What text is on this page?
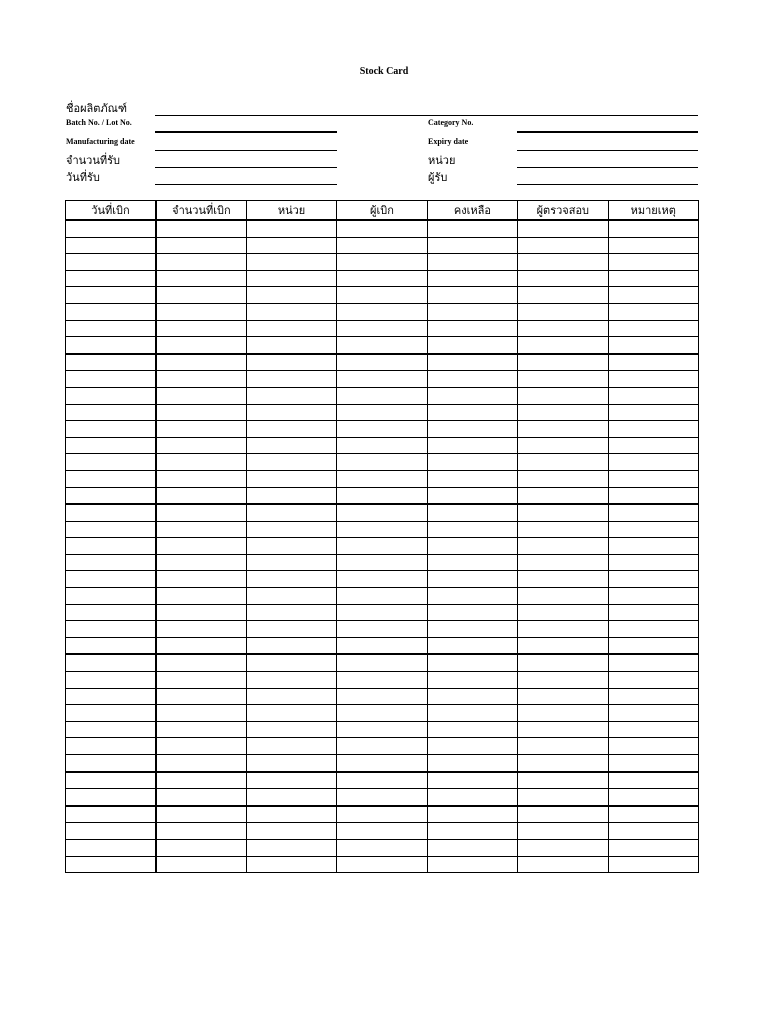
Stock Card
ชื่อผลิตภัณฑ์
Batch No. / Lot No.	Category No.
Manufacturing date	Expiry date
จำนวนที่รับ	หน่วย
วันที่รับ	ผู้รับ
วันที่เบิก	จำนวนที่เบิก	หน่วย	ผู้เบิก	คงเหลือ	ผู้ตรวจสอบ	หมายเหตุ
